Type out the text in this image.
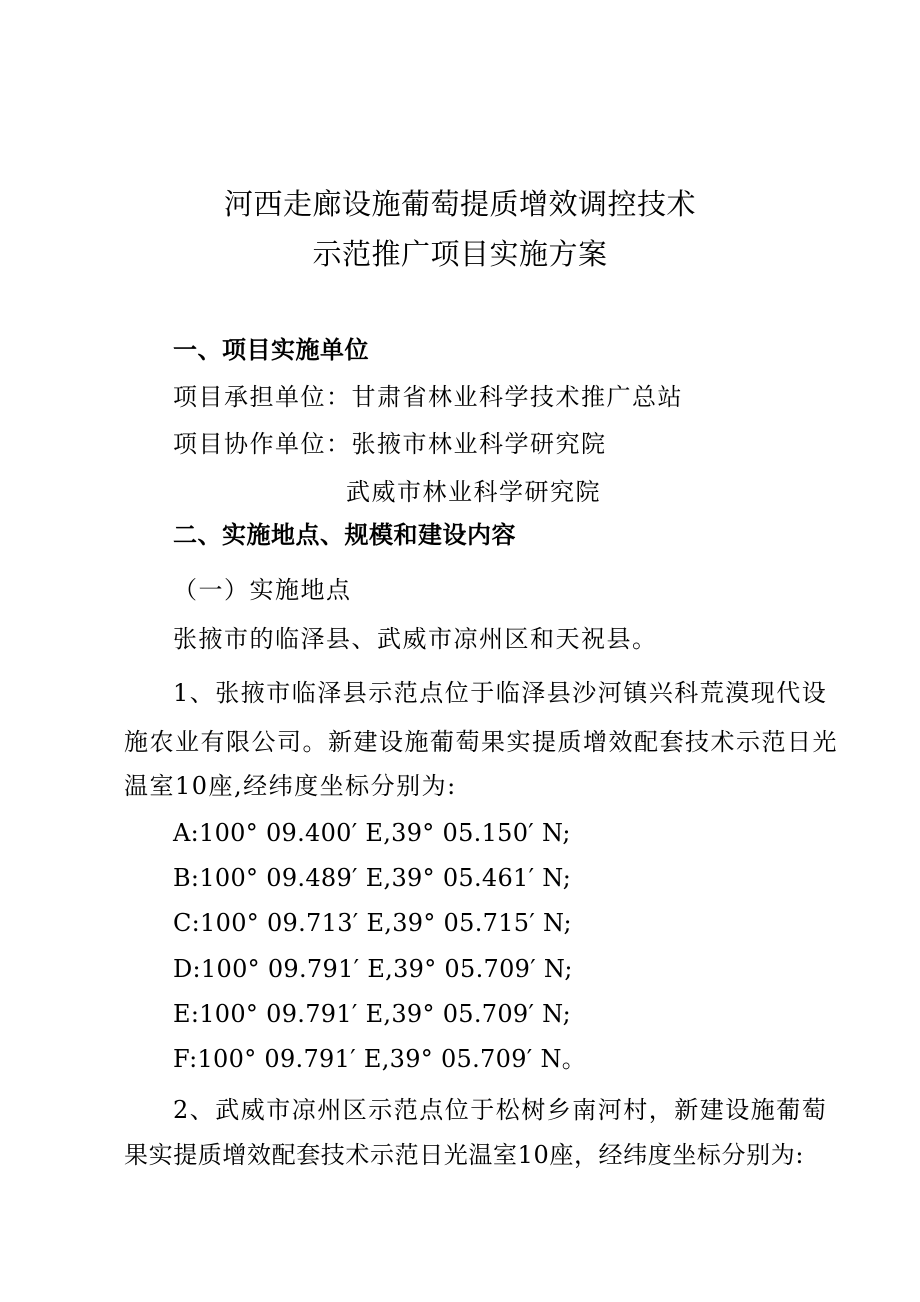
河西走廊设施葡萄提质增效调控技术
示范推广项目实施方案
一、项目实施单位
项目承担单位：甘肃省林业科学技术推广总站
项目协作单位：张掖市林业科学研究院
武威市林业科学研究院
二、实施地点、规模和建设内容
（一）实施地点
张掖市的临泽县、武威市凉州区和天祝县。
1、张掖市临泽县示范点位于临泽县沙河镇兴科荒漠现代设
施农业有限公司。新建设施葡萄果实提质增效配套技术示范日光
温室10座,经纬度坐标分别为:
A:100° 09.400′ E,39° 05.150′ N;
B:100° 09.489′ E,39° 05.461′ N;
C:100° 09.713′ E,39° 05.715′ N;
D:100° 09.791′ E,39° 05.709′ N;
E:100° 09.791′ E,39° 05.709′ N;
F:100° 09.791′ E,39° 05.709′ N。
2、武威市凉州区示范点位于松树乡南河村，新建设施葡萄
果实提质增效配套技术示范日光温室10座，经纬度坐标分别为:
